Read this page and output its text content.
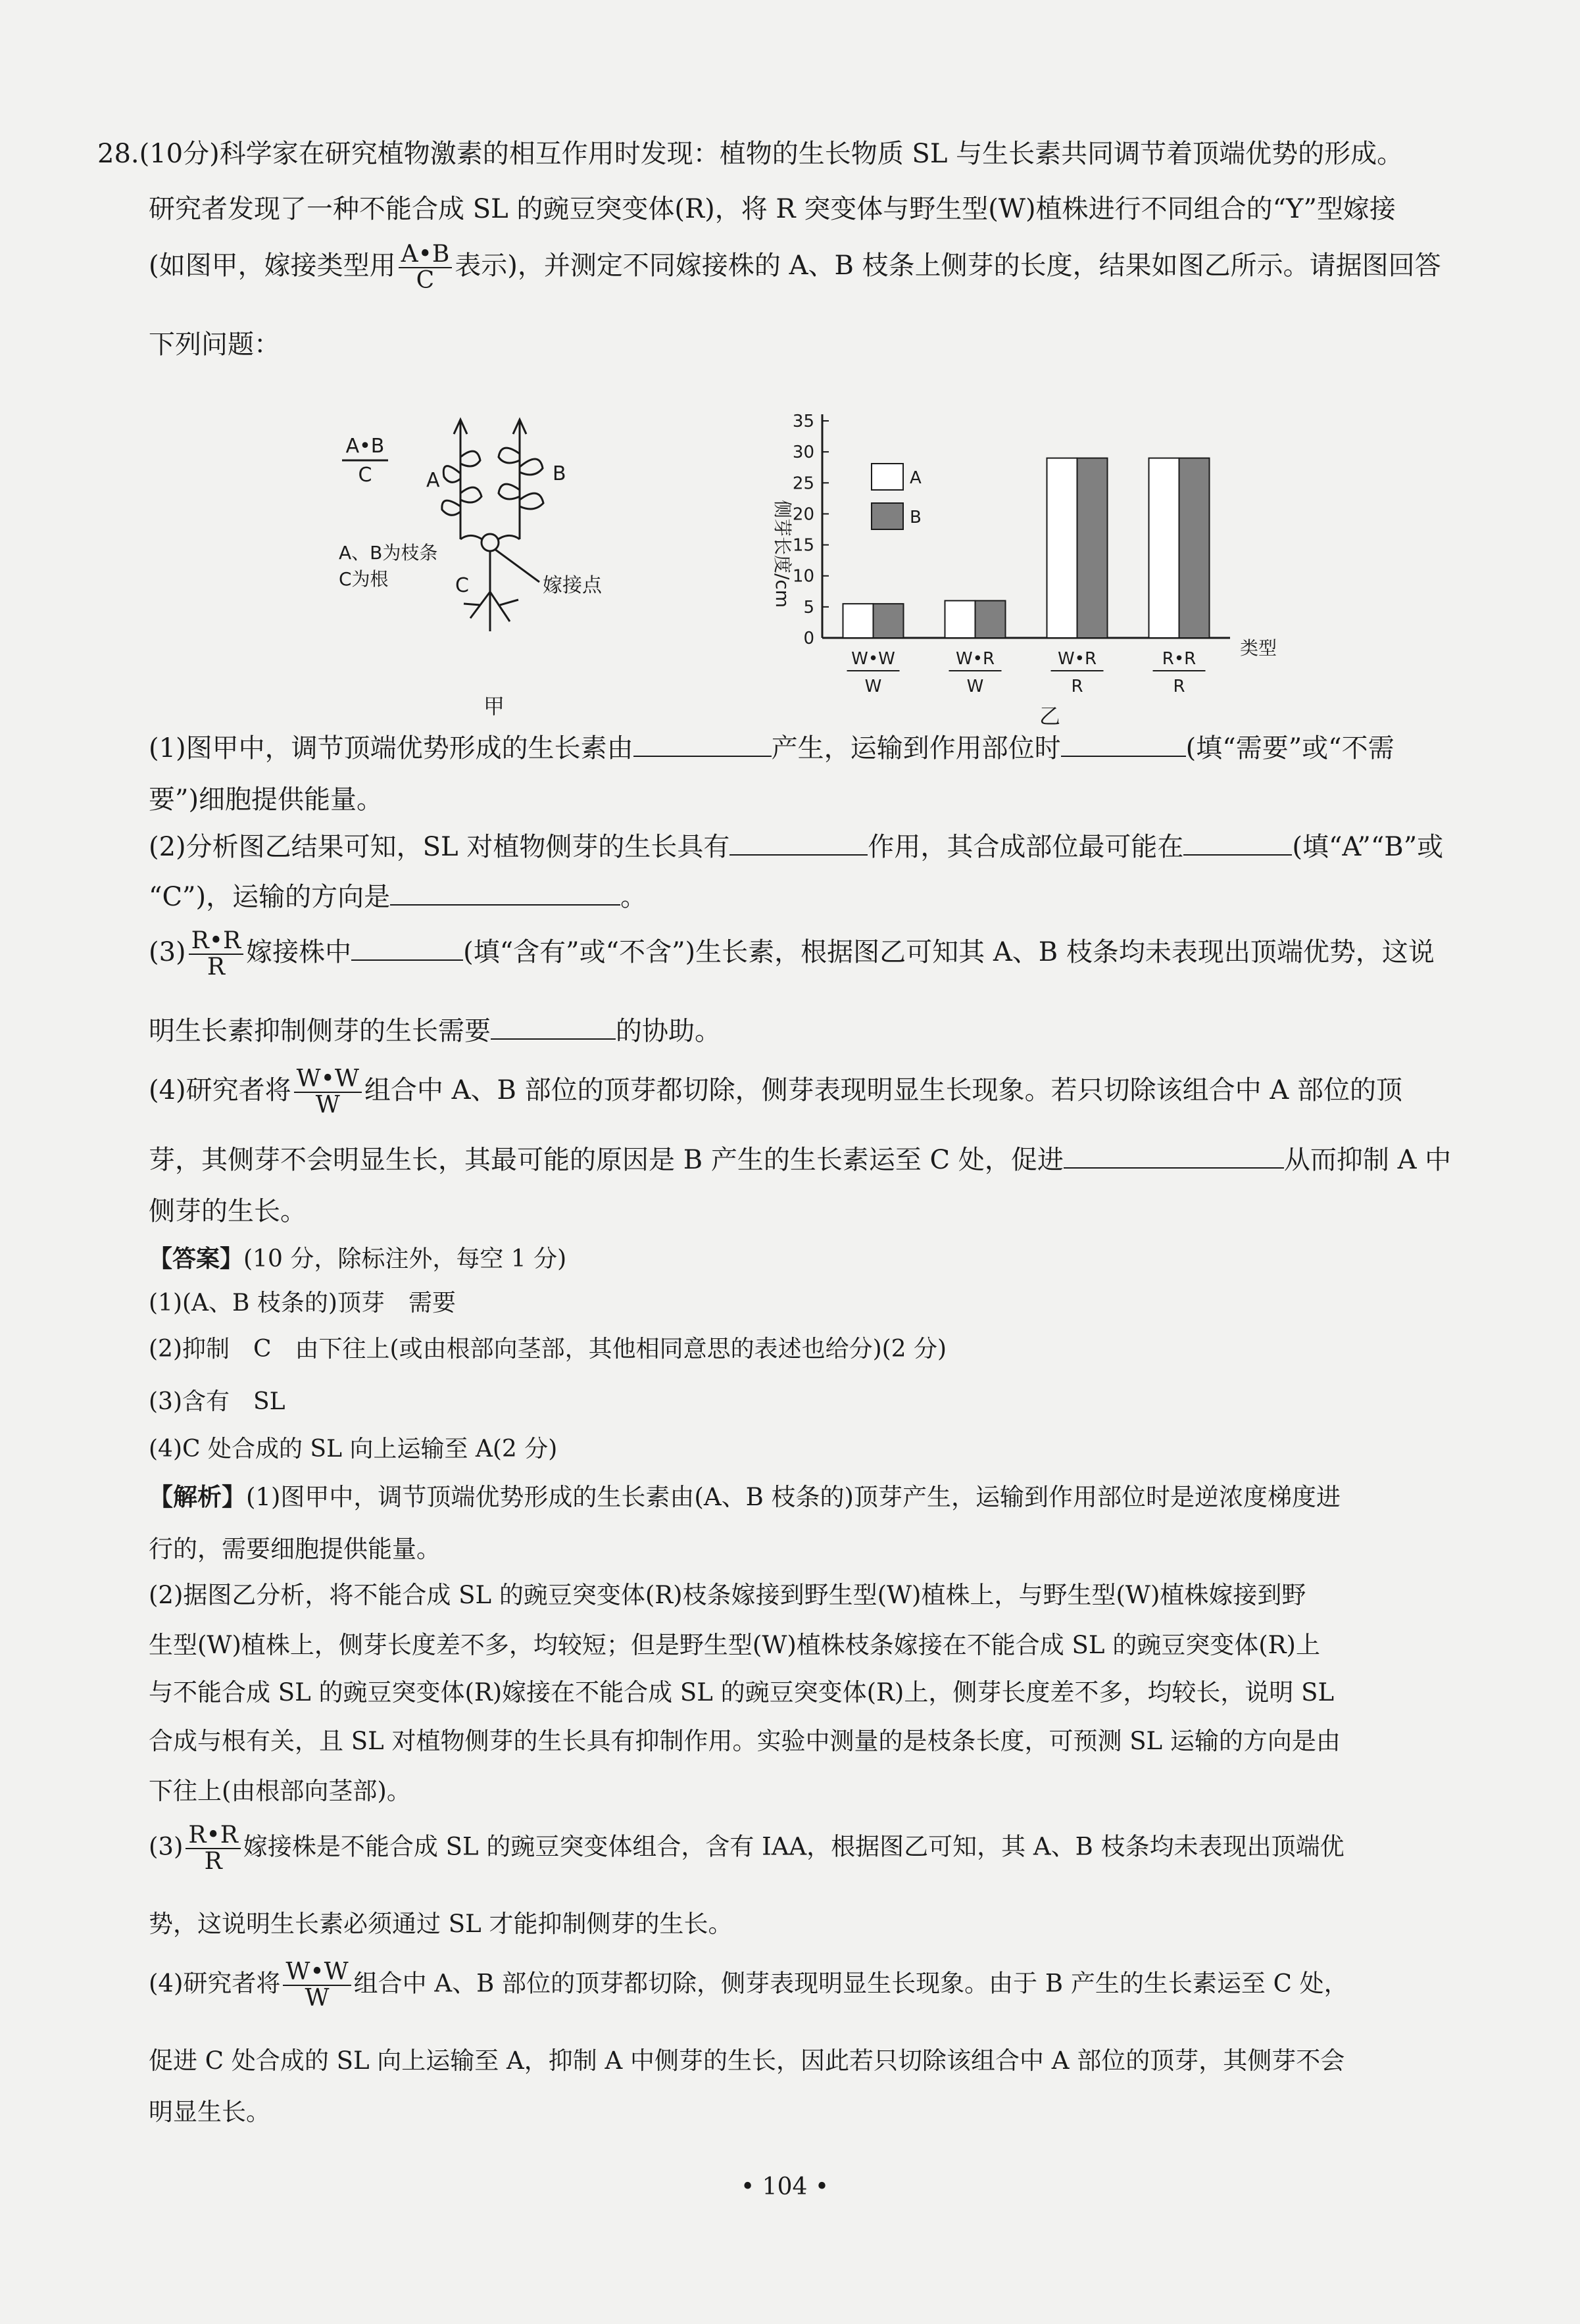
28.(10分)科学家在研究植物激素的相互作用时发现：植物的生长物质 SL 与生长素共同调节着顶端优势的形成。
研究者发现了一种不能合成 SL 的豌豆突变体(R)，将 R 突变体与野生型(W)植株进行不同组合的“Y”型嫁接
(如图甲，嫁接类型用 $\frac{A•B}{C}$ 表示)，并测定不同嫁接株的 A、B 枝条上侧芽的长度，结果如图乙所示。请据图回答
下列问题：
A•B
C	A	B
C
A、B为枝条
C为根	嫁接点
甲
侧芽长度/cm
0
5
10
15
20
25
30
35
A
B
W•W
W
W•R
W
W•R
R
R•R
R
类型
乙
(1)图甲中，调节顶端优势形成的生长素由	产生，运输到作用部位时	(填“需要”或“不需
要”)细胞提供能量。
(2)分析图乙结果可知，SL 对植物侧芽的生长具有	作用，其合成部位最可能在	(填“A”“B”或
“C”)，运输的方向是	。
$(3) \frac{R•R}{R}$ 嫁接株中	(填“含有”或“不含”)生长素，根据图乙可知其 A、B 枝条均未表现出顶端优势，这说
明生长素抑制侧芽的生长需要	的协助。
(4)研究者将 $\frac{W•W}{W}$ 组合中 A、B 部位的顶芽都切除，侧芽表现明显生长现象。若只切除该组合中 A 部位的顶
芽，其侧芽不会明显生长，其最可能的原因是 B 产生的生长素运至 C 处，促进	从而抑制 A 中
侧芽的生长。
【答案】(10 分，除标注外，每空 1 分)
(1)(A、B 枝条的)顶芽　需要
(2)抑制　C　由下往上(或由根部向茎部，其他相同意思的表述也给分)(2 分)
(3)含有　SL
(4)C 处合成的 SL 向上运输至 A(2 分)
【解析】(1)图甲中，调节顶端优势形成的生长素由(A、B 枝条的)顶芽产生，运输到作用部位时是逆浓度梯度进
行的，需要细胞提供能量。
(2)据图乙分析，将不能合成 SL 的豌豆突变体(R)枝条嫁接到野生型(W)植株上，与野生型(W)植株嫁接到野
生型(W)植株上，侧芽长度差不多，均较短；但是野生型(W)植株枝条嫁接在不能合成 SL 的豌豆突变体(R)上
与不能合成 SL 的豌豆突变体(R)嫁接在不能合成 SL 的豌豆突变体(R)上，侧芽长度差不多，均较长，说明 SL
合成与根有关，且 SL 对植物侧芽的生长具有抑制作用。实验中测量的是枝条长度，可预测 SL 运输的方向是由
下往上(由根部向茎部)。
$(3) \frac{R•R}{R}$ 嫁接株是不能合成 SL 的豌豆突变体组合，含有 IAA，根据图乙可知，其 A、B 枝条均未表现出顶端优
势，这说明生长素必须通过 SL 才能抑制侧芽的生长。
(4)研究者将 $\frac{W•W}{W}$ 组合中 A、B 部位的顶芽都切除，侧芽表现明显生长现象。由于 B 产生的生长素运至 C 处，
促进 C 处合成的 SL 向上运输至 A，抑制 A 中侧芽的生长，因此若只切除该组合中 A 部位的顶芽，其侧芽不会
明显生长。
• 104 •
